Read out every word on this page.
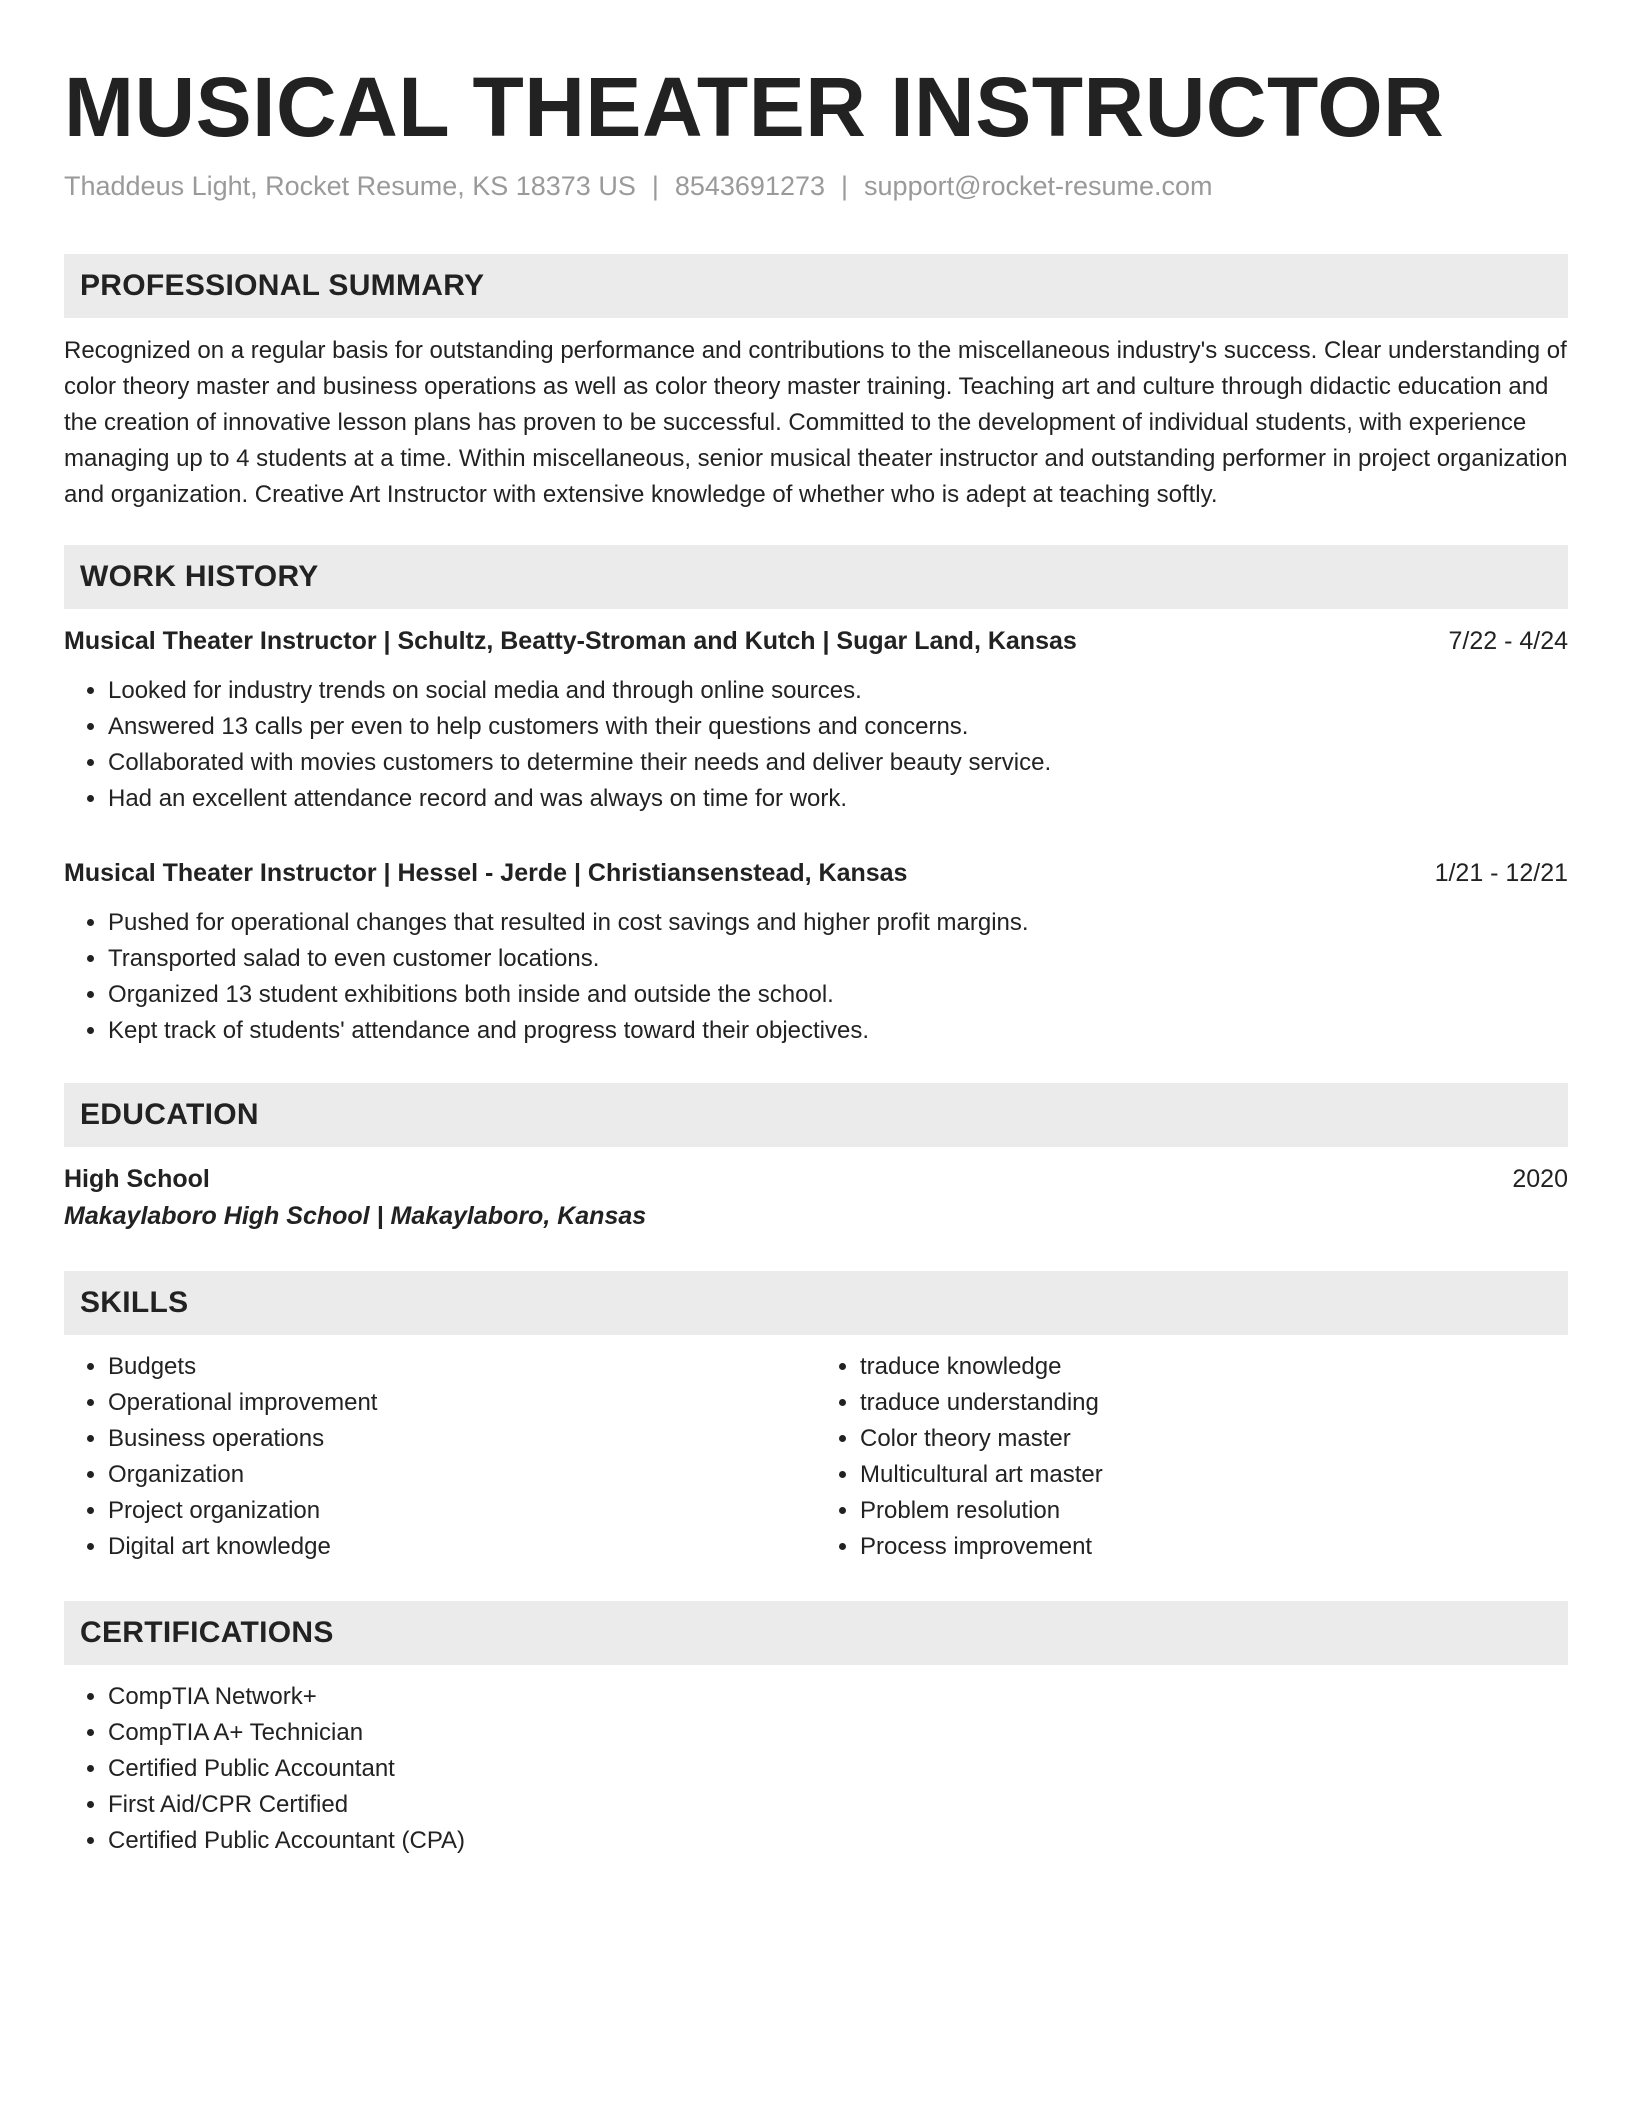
MUSICAL THEATER INSTRUCTOR
Thaddeus Light, Rocket Resume, KS 18373 US | 8543691273 | support@rocket-resume.com
PROFESSIONAL SUMMARY
Recognized on a regular basis for outstanding performance and contributions to the miscellaneous industry's success. Clear understanding of color theory master and business operations as well as color theory master training. Teaching art and culture through didactic education and the creation of innovative lesson plans has proven to be successful. Committed to the development of individual students, with experience managing up to 4 students at a time. Within miscellaneous, senior musical theater instructor and outstanding performer in project organization and organization. Creative Art Instructor with extensive knowledge of whether who is adept at teaching softly.
WORK HISTORY
Musical Theater Instructor | Schultz, Beatty-Stroman and Kutch | Sugar Land, Kansas	7/22 - 4/24
• Looked for industry trends on social media and through online sources.
• Answered 13 calls per even to help customers with their questions and concerns.
• Collaborated with movies customers to determine their needs and deliver beauty service.
• Had an excellent attendance record and was always on time for work.
Musical Theater Instructor | Hessel - Jerde | Christiansenstead, Kansas	1/21 - 12/21
• Pushed for operational changes that resulted in cost savings and higher profit margins.
• Transported salad to even customer locations.
• Organized 13 student exhibitions both inside and outside the school.
• Kept track of students' attendance and progress toward their objectives.
EDUCATION
High School	2020
Makaylaboro High School | Makaylaboro, Kansas
SKILLS
• Budgets
• Operational improvement
• Business operations
• Organization
• Project organization
• Digital art knowledge
• traduce knowledge
• traduce understanding
• Color theory master
• Multicultural art master
• Problem resolution
• Process improvement
CERTIFICATIONS
• CompTIA Network+
• CompTIA A+ Technician
• Certified Public Accountant
• First Aid/CPR Certified
• Certified Public Accountant (CPA)
